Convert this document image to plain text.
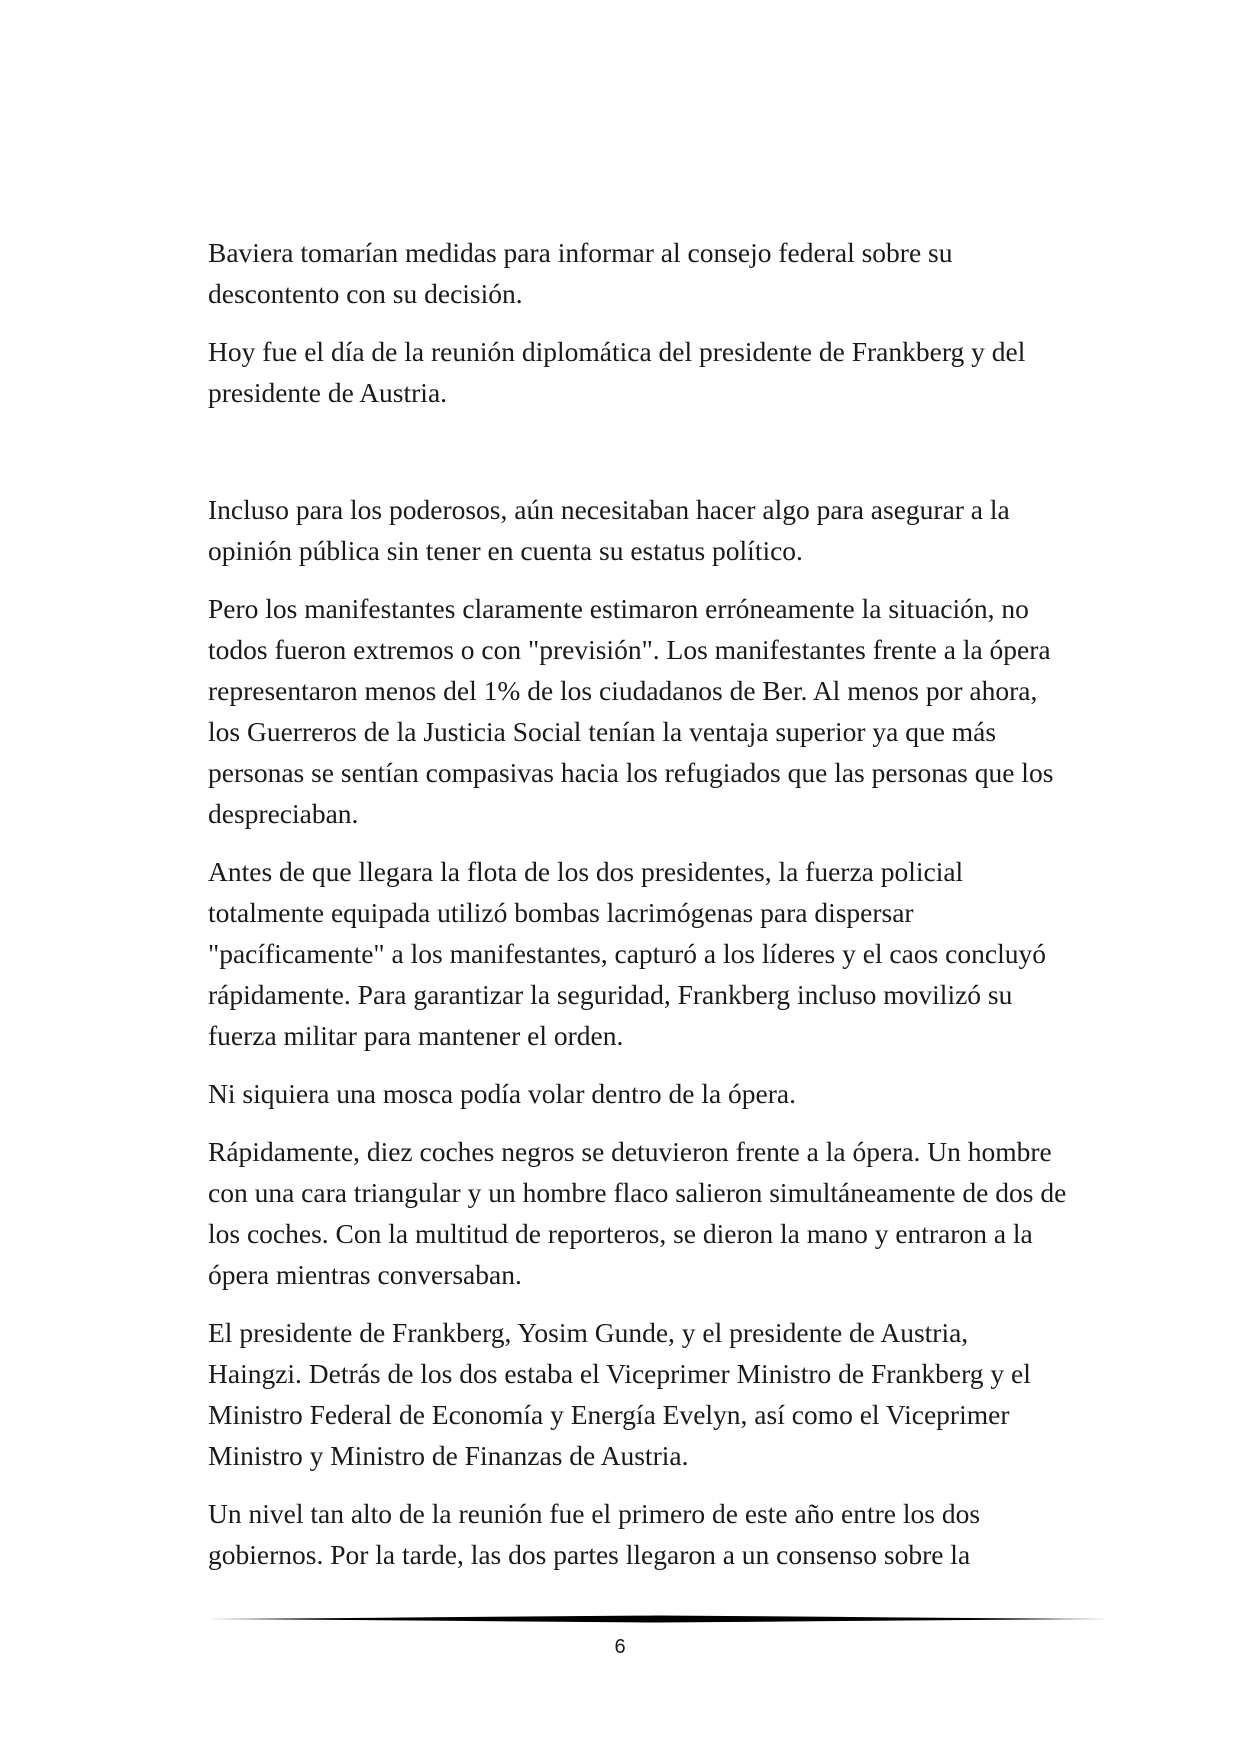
Baviera tomarían medidas para informar al consejo federal sobre su descontento con su decisión.

Hoy fue el día de la reunión diplomática del presidente de Frankberg y del presidente de Austria.

Incluso para los poderosos, aún necesitaban hacer algo para asegurar a la opinión pública sin tener en cuenta su estatus político.

Pero los manifestantes claramente estimaron erróneamente la situación, no todos fueron extremos o con "previsión". Los manifestantes frente a la ópera representaron menos del 1% de los ciudadanos de Ber. Al menos por ahora, los Guerreros de la Justicia Social tenían la ventaja superior ya que más personas se sentían compasivas hacia los refugiados que las personas que los despreciaban.

Antes de que llegara la flota de los dos presidentes, la fuerza policial totalmente equipada utilizó bombas lacrimógenas para dispersar "pacíficamente" a los manifestantes, capturó a los líderes y el caos concluyó rápidamente. Para garantizar la seguridad, Frankberg incluso movilizó su fuerza militar para mantener el orden.

Ni siquiera una mosca podía volar dentro de la ópera.

Rápidamente, diez coches negros se detuvieron frente a la ópera. Un hombre con una cara triangular y un hombre flaco salieron simultáneamente de dos de los coches. Con la multitud de reporteros, se dieron la mano y entraron a la ópera mientras conversaban.

El presidente de Frankberg, Yosim Gunde, y el presidente de Austria, Haingzi. Detrás de los dos estaba el Viceprimer Ministro de Frankberg y el Ministro Federal de Economía y Energía Evelyn, así como el Viceprimer Ministro y Ministro de Finanzas de Austria.

Un nivel tan alto de la reunión fue el primero de este año entre los dos gobiernos. Por la tarde, las dos partes llegaron a un consenso sobre la

6
